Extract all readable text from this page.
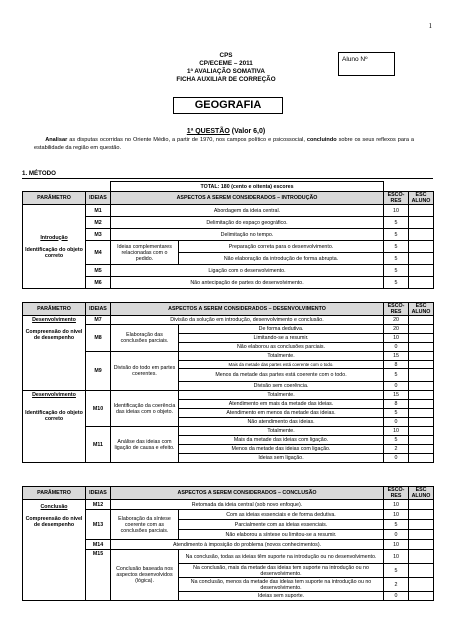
1
CPS
CP/ECEME – 2011
1ª AVALIAÇÃO SOMATIVA
FICHA AUXILIAR DE CORREÇÃO
Aluno Nº
GEOGRAFIA
1ª QUESTÃO (Valor 6,0)
  Analisar as disputas ocorridas no Oriente Médio, a partir de 1970, nos campos político e psicossocial, concluindo sobre os seus reflexos para a estabilidade da região em questão.
1. MÉTODO
		TOTAL: 180 (cento e oitenta) escores			
PARÂMETRO	IDEIAS	ASPECTOS A SEREM CONSIDERADOS – INTRODUÇÃO		ESCO-RES	ESC ALUNO
Introdução

Identificação do objeto correto	M1	Abordagem da ideia central.		10	
	M2	Delimitação do espaço geográfico.		5	
	M3	Delimitação no tempo.		5	
	M4	Ideias complementares relacionadas com o pedido.	Preparação correta para o desenvolvimento.	5	
			Não elaboração da introdução de forma abrupta.	5	
	M5	Ligação com o desenvolvimento.		5	
	M6	Não antecipação de partes do desenvolvimento.		5	
PARÂMETRO	IDEIAS	ASPECTOS A SEREM CONSIDERADOS – DESENVOLVIMENTO		ESCO-RES	ESC ALUNO
Desenvolvimento

Compreensão do nível de desempenho	M7	Divisão da solução em introdução, desenvolvimento e conclusão.		20	
	M8	Elaboração das conclusões parciais.	De forma dedutiva.	20	
			Limitando-se a resumir.	10	
			Não elaborou as conclusões parciais.	0	
	M9	Divisão do todo em partes coerentes.	Totalmente.	15	
			Mais da metade das partes está coerente com o todo.	8	
			Menos da metade das partes está coerente com o todo.	5	
			Divisão sem coerência.	0	
Desenvolvimento

Identificação do objeto correto	M10	Identificação da coerência das ideias com o objeto.	Totalmente.	15	
			Atendimento em mais da metade das ideias.	8	
			Atendimento em menos da metade das ideias.	5	
			Não atendimento das ideias.	0	
	M11	Análise das ideias com ligação de causa e efeito.	Totalmente.	10	
			Mais da metade das ideias com ligação.	5	
			Menos da metade das ideias com ligação.	2	
			Ideias sem ligação.	0	
PARÂMETRO	IDEIAS	ASPECTOS A SEREM CONSIDERADOS – CONCLUSÃO		ESCO-RES	ESC ALUNO
Conclusão

Compreensão do nível de desempenho	M12	Retomada da ideia central (sob novo enfoque).		10	
	M13	Elaboração da síntese coerente com as conclusões parciais.	Com as ideias essenciais e de forma dedutiva.	10	
			Parcialmente com as ideias essenciais.	5	
			Não elaborou a síntese ou limitou-se a resumir.	0	
	M14	Atendimento à imposição do problema (novos conhecimentos).		10	
	M15	Conclusão baseada nos aspectos desenvolvidos (lógica).	Na conclusão, todas as ideias têm suporte na introdução ou no desenvolvimento.	10	
			Na conclusão, mais da metade das ideias tem suporte na introdução ou no desenvolvimento.	5	
			Na conclusão, menos da metade das ideias tem suporte na introdução ou no desenvolvimento.	2	
			Ideias sem suporte.	0	
